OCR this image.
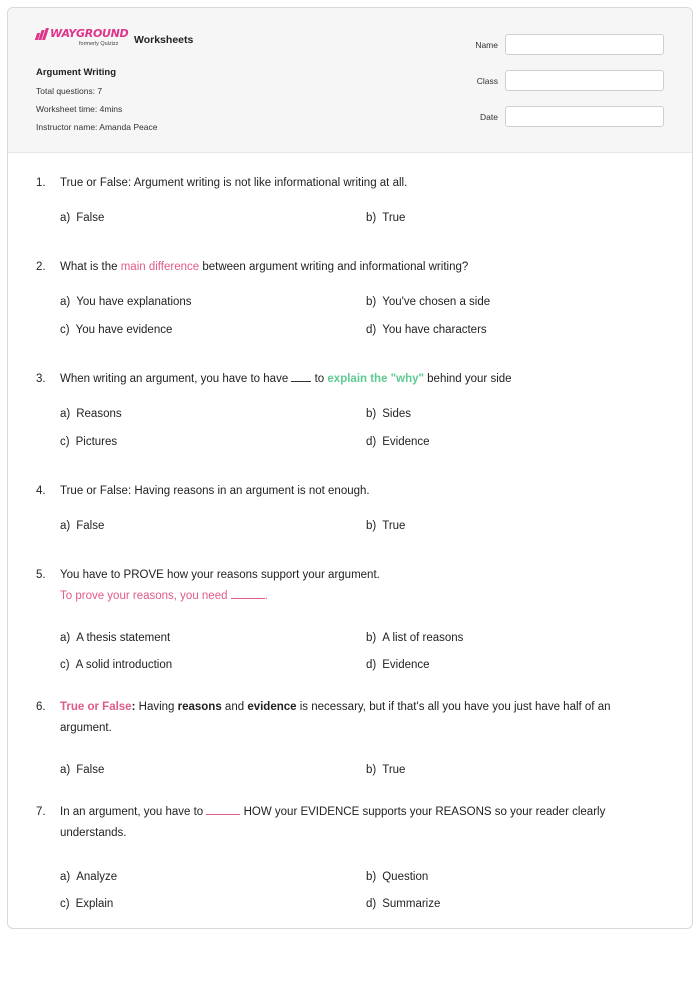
WAYGROUND
formerly Quizizz	Worksheets
Argument Writing
Total questions: 7
Worksheet time: 4mins
Instructor name: Amanda Peace
Name
Class
Date
1. True or False: Argument writing is not like informational writing at all.
a) False	b) True
2. What is the main difference between argument writing and informational writing?
a) You have explanations	b) You've chosen a side
c) You have evidence	d) You have characters
3. When writing an argument, you have to have  to explain the "why" behind your side
a) Reasons	b) Sides
c) Pictures	d) Evidence
4. True or False: Having reasons in an argument is not enough.
a) False	b) True
5. You have to PROVE how your reasons support your argument.
To prove your reasons, you need	.
a) A thesis statement	b) A list of reasons
c) A solid introduction	d) Evidence
6. True or False: Having reasons and evidence is necessary, but if that's all you have you just have half of an argument.
a) False	b) True
7. In an argument, you have to	HOW your EVIDENCE supports your REASONS so your reader clearly understands.
a) Analyze	b) Question
c) Explain	d) Summarize
